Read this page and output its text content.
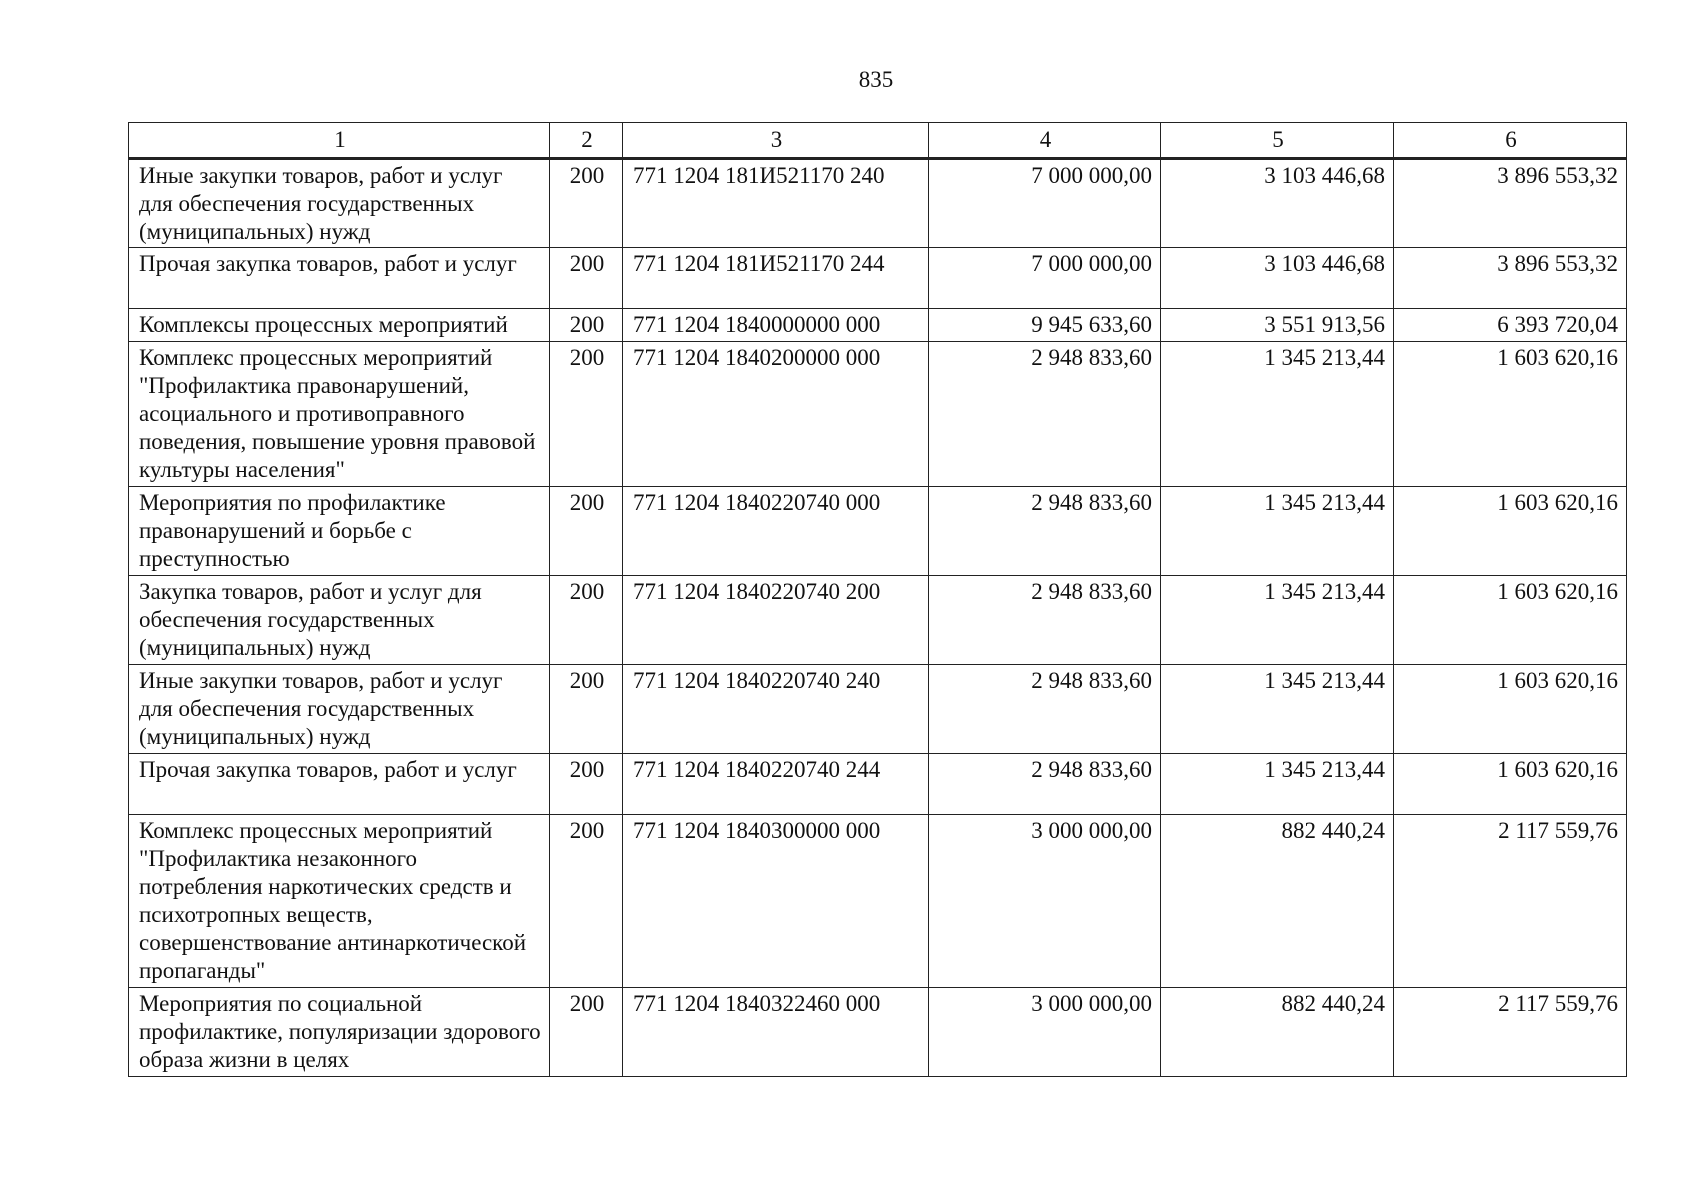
835
1	2	3	4	5	6
Иные закупки товаров, работ и услуг для обеспечения государственных (муниципальных) нужд	200	771 1204 181И521170 240	7 000 000,00	3 103 446,68	3 896 553,32
Прочая закупка товаров, работ и услуг	200	771 1204 181И521170 244	7 000 000,00	3 103 446,68	3 896 553,32
Комплексы процессных мероприятий	200	771 1204 1840000000 000	9 945 633,60	3 551 913,56	6 393 720,04
Комплекс процессных мероприятий "Профилактика правонарушений, асоциального и противоправного поведения, повышение уровня правовой культуры населения"	200	771 1204 1840200000 000	2 948 833,60	1 345 213,44	1 603 620,16
Мероприятия по профилактике правонарушений и борьбе с преступностью	200	771 1204 1840220740 000	2 948 833,60	1 345 213,44	1 603 620,16
Закупка товаров, работ и услуг для обеспечения государственных (муниципальных) нужд	200	771 1204 1840220740 200	2 948 833,60	1 345 213,44	1 603 620,16
Иные закупки товаров, работ и услуг для обеспечения государственных (муниципальных) нужд	200	771 1204 1840220740 240	2 948 833,60	1 345 213,44	1 603 620,16
Прочая закупка товаров, работ и услуг	200	771 1204 1840220740 244	2 948 833,60	1 345 213,44	1 603 620,16
Комплекс процессных мероприятий "Профилактика незаконного потребления наркотических средств и психотропных веществ, совершенствование антинаркотической пропаганды"	200	771 1204 1840300000 000	3 000 000,00	882 440,24	2 117 559,76
Мероприятия по социальной профилактике, популяризации здорового образа жизни в целях	200	771 1204 1840322460 000	3 000 000,00	882 440,24	2 117 559,76
